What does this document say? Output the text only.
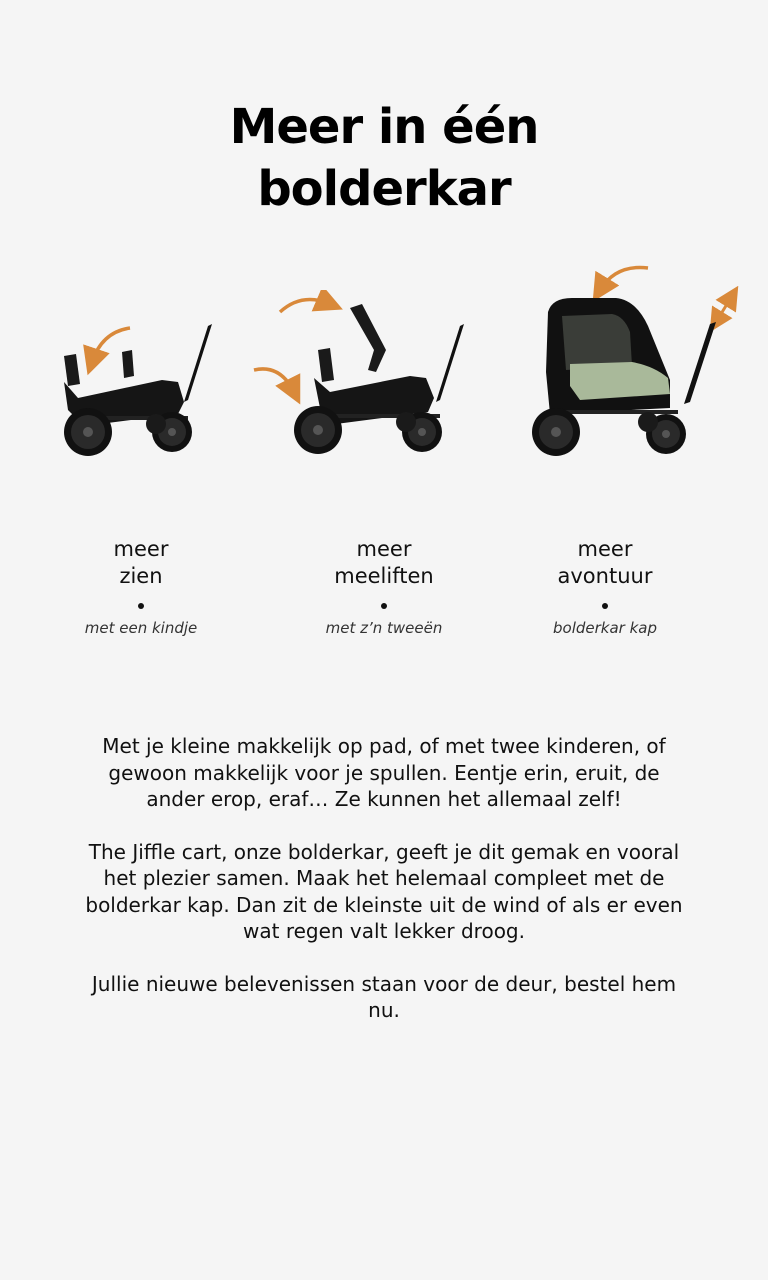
Meer in één
bolderkar
meer
zien
met een kindje
meer
meeliften
met z’n tweeën
meer
avontuur
bolderkar kap

Met je kleine makkelijk op pad, of met twee kinderen, of gewoon makkelijk voor je spullen. Eentje erin, eruit, de ander erop, eraf… Ze kunnen het allemaal zelf!

The Jiffle cart, onze bolderkar, geeft je dit gemak en vooral het plezier samen. Maak het helemaal compleet met de bolderkar kap. Dan zit de kleinste uit de wind of als er even wat regen valt lekker droog.

Jullie nieuwe belevenissen staan voor de deur, bestel hem nu.
